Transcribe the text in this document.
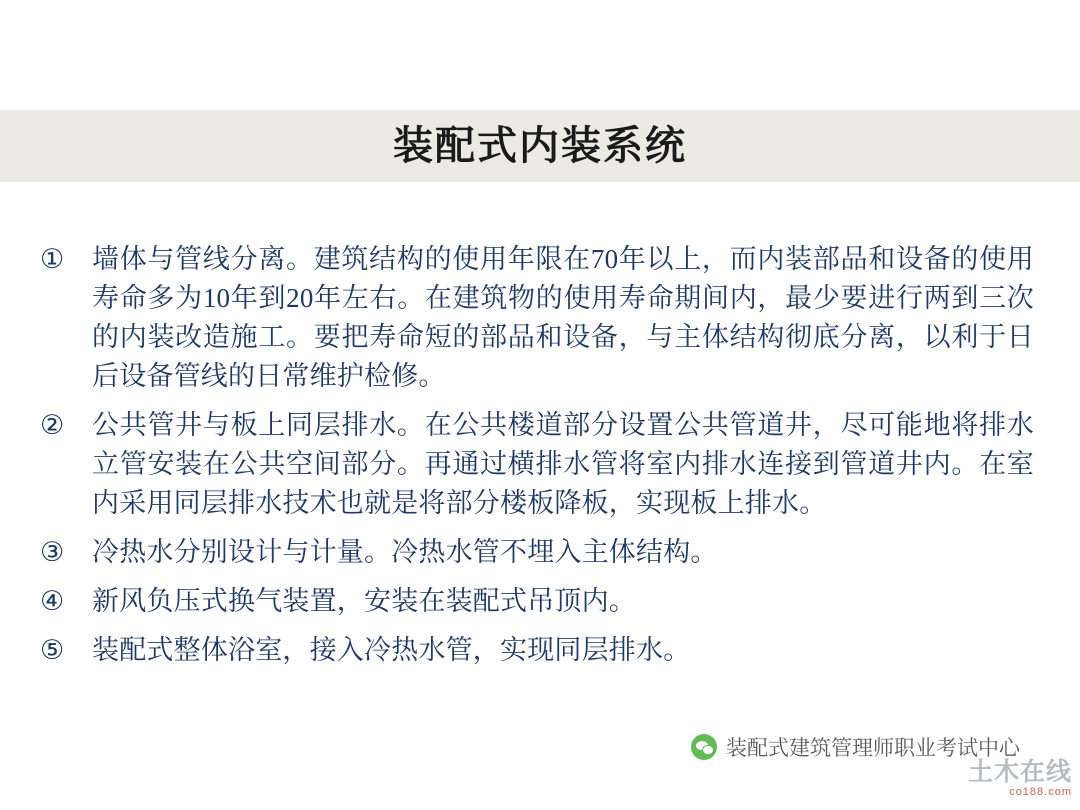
装配式内装系统
①	墙体与管线分离。建筑结构的使用年限在70年以上，而内装部品和设备的使用寿命多为10年到20年左右。在建筑物的使用寿命期间内，最少要进行两到三次的内装改造施工。要把寿命短的部品和设备，与主体结构彻底分离，以利于日后设备管线的日常维护检修。
②	公共管井与板上同层排水。在公共楼道部分设置公共管道井，尽可能地将排水立管安装在公共空间部分。再通过横排水管将室内排水连接到管道井内。在室内采用同层排水技术也就是将部分楼板降板，实现板上排水。
③	冷热水分别设计与计量。冷热水管不埋入主体结构。
④	新风负压式换气装置，安装在装配式吊顶内。
⑤	装配式整体浴室，接入冷热水管，实现同层排水。
装配式建筑管理师职业考试中心
土木在线
co188.com
